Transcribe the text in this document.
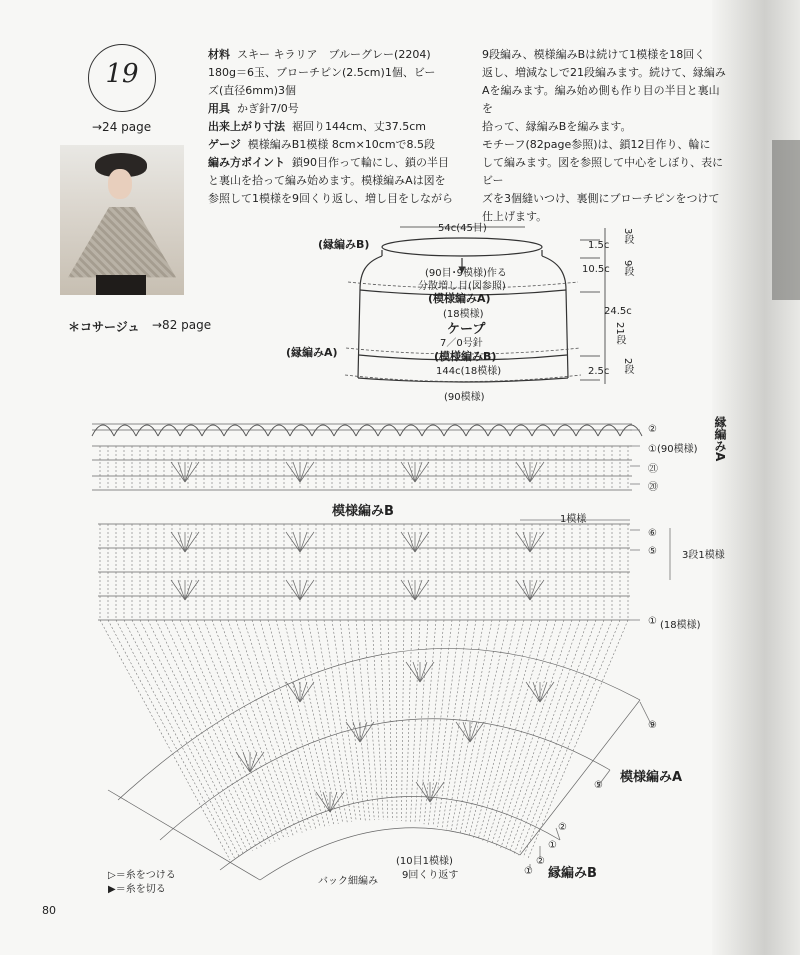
19
→24 page
＊コサージュ →82 page
材料 スキー キラリア　ブルーグレー(2204)
180g＝6玉、ブローチピン(2.5cm)1個、ビー
ズ(直径6mm)3個
用具 かぎ針7/0号
出来上がり寸法 裾回り144cm、丈37.5cm
ゲージ 模様編みB1模様 8cm×10cmで8.5段
編み方ポイント 鎖90目作って輪にし、鎖の半目
と裏山を拾って編み始めます。模様編みAは図を
参照して1模様を9回くり返し、増し目をしながら
9段編み、模様編みBは続けて1模様を18回く
返し、増減なしで21段編みます。続けて、縁編み
Aを編みます。編み始め側も作り目の半目と裏山を
拾って、縁編みBを編みます。
モチーフ(82page参照)は、鎖12目作り、輪に
して編みます。図を参照して中心をしぼり、表にビー
ズを3個縫いつけ、裏側にブローチピンをつけて
仕上げます。
54c(45目)
(縁編みB)
(90目･9模様)作る
分散増し目(図参照)
(模様編みA)
(18模様)
ケープ
7／0号針
(縁編みA)	(模様編みB)
144c(18模様)
(90模様)
1.5c
3段
10.5c 9段
24.5c
21段
2.5c 2段
縁編みA
②
①(90模様)
㉑
⑳
模様編みB
1模様
⑥
⑤	3段1模様
① (18模様)
⑨
模様編みA
⑤
②
①
②
① 縁編みB
(10目1模様)
9回くり返す
バック細編み
▷＝糸をつける
▶＝糸を切る
80
